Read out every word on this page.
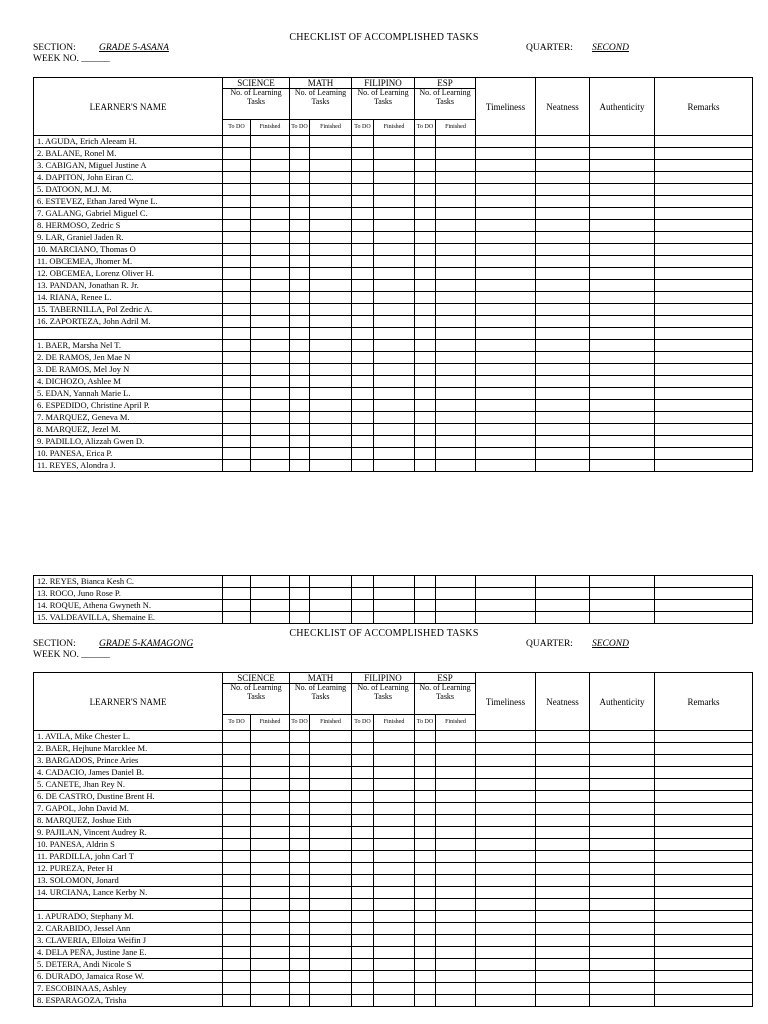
CHECKLIST OF ACCOMPLISHED TASKS
SECTION: GRADE 5-ASANA
WEEK NO. ______
QUARTER: SECOND
LEARNER'S NAME	SCIENCE		MATH		FILIPINO		ESP		Timeliness	Neatness	Authenticity	Remarks
	No. of Learning Tasks		No. of Learning Tasks		No. of Learning Tasks		No. of Learning Tasks					
	To DO	Finished	To DO	Finished	To DO	Finished	To DO	Finished				
1. AGUDA, Erich Aleeam H.												
2. BALANE, Ronel M.												
3. CABIGAN, Miguel Justine A												
4. DAPITON, John Eiran C.												
5. DATOON, M.J. M.												
6. ESTEVEZ, Ethan Jared Wyne L.												
7. GALANG, Gabriel Miguel C.												
8. HERMOSO, Zedric S												
9. LAR, Graniel Jaden R.												
10. MARCIANO, Thomas O												
11. OBCEMEA, Jhomer M.												
12. OBCEMEA, Lorenz Oliver H.												
13. PANDAN, Jonathan R. Jr.												
14. RIANA, Renee L.												
15. TABERNILLA, Pol Zedric A.												
16. ZAPORTEZA, John Adril M.												

1. BAER, Marsha Nel T.												
2. DE RAMOS, Jen Mae N												
3. DE RAMOS, Mel Joy N												
4. DICHOZO, Ashlee M												
5. EDAN, Yannah Marie L.												
6. ESPEDIDO, Christine April P.												
7. MARQUEZ, Geneva M.												
8. MARQUEZ, Jezel M.												
9. PADILLO, Alizzah Gwen D.												
10. PANESA, Erica P.												
11. REYES, Alondra J.												
12. REYES, Bianca Kesh C.												
13. ROCO, Juno Rose P.												
14. ROQUE, Athena Gwyneth N.												
15. VALDEAVILLA, Shemaine E.												
CHECKLIST OF ACCOMPLISHED TASKS
SECTION: GRADE 5-KAMAGONG
WEEK NO. ______
QUARTER: SECOND
LEARNER'S NAME	SCIENCE		MATH		FILIPINO		ESP		Timeliness	Neatness	Authenticity	Remarks
	No. of Learning Tasks		No. of Learning Tasks		No. of Learning Tasks		No. of Learning Tasks					
	To DO	Finished	To DO	Finished	To DO	Finished	To DO	Finished				
1. AVILA, Mike Chester L.												
2. BAER, Hejhune Marcklee M.												
3. BARGADOS, Prince Aries												
4. CADACIO, James Daniel B.												
5. CANETE, Jhan Rey N.												
6. DE CASTRO, Dustine Brent H.												
7. GAPOL, John David M.												
8. MARQUEZ, Joshue Eith												
9. PAJILAN, Vincent Audrey R.												
10. PANESA, Aldrin S												
11. PARDILLA, john Carl T												
12. PUREZA, Peter H												
13. SOLOMON, Jonard												
14. URCIANA, Lance Kerby N.												

1. APURADO, Stephany M.												
2. CARABIDO, Jessel Ann												
3. CLAVERIA, Elloiza Weifin J												
4. DELA PEÑA, Justine Jane E.												
5. DETERA, Andi Nicole S												
6. DURADO, Jamaica Rose W.												
7. ESCOBINAAS, Ashley												
8. ESPARAGOZA, Trisha												
